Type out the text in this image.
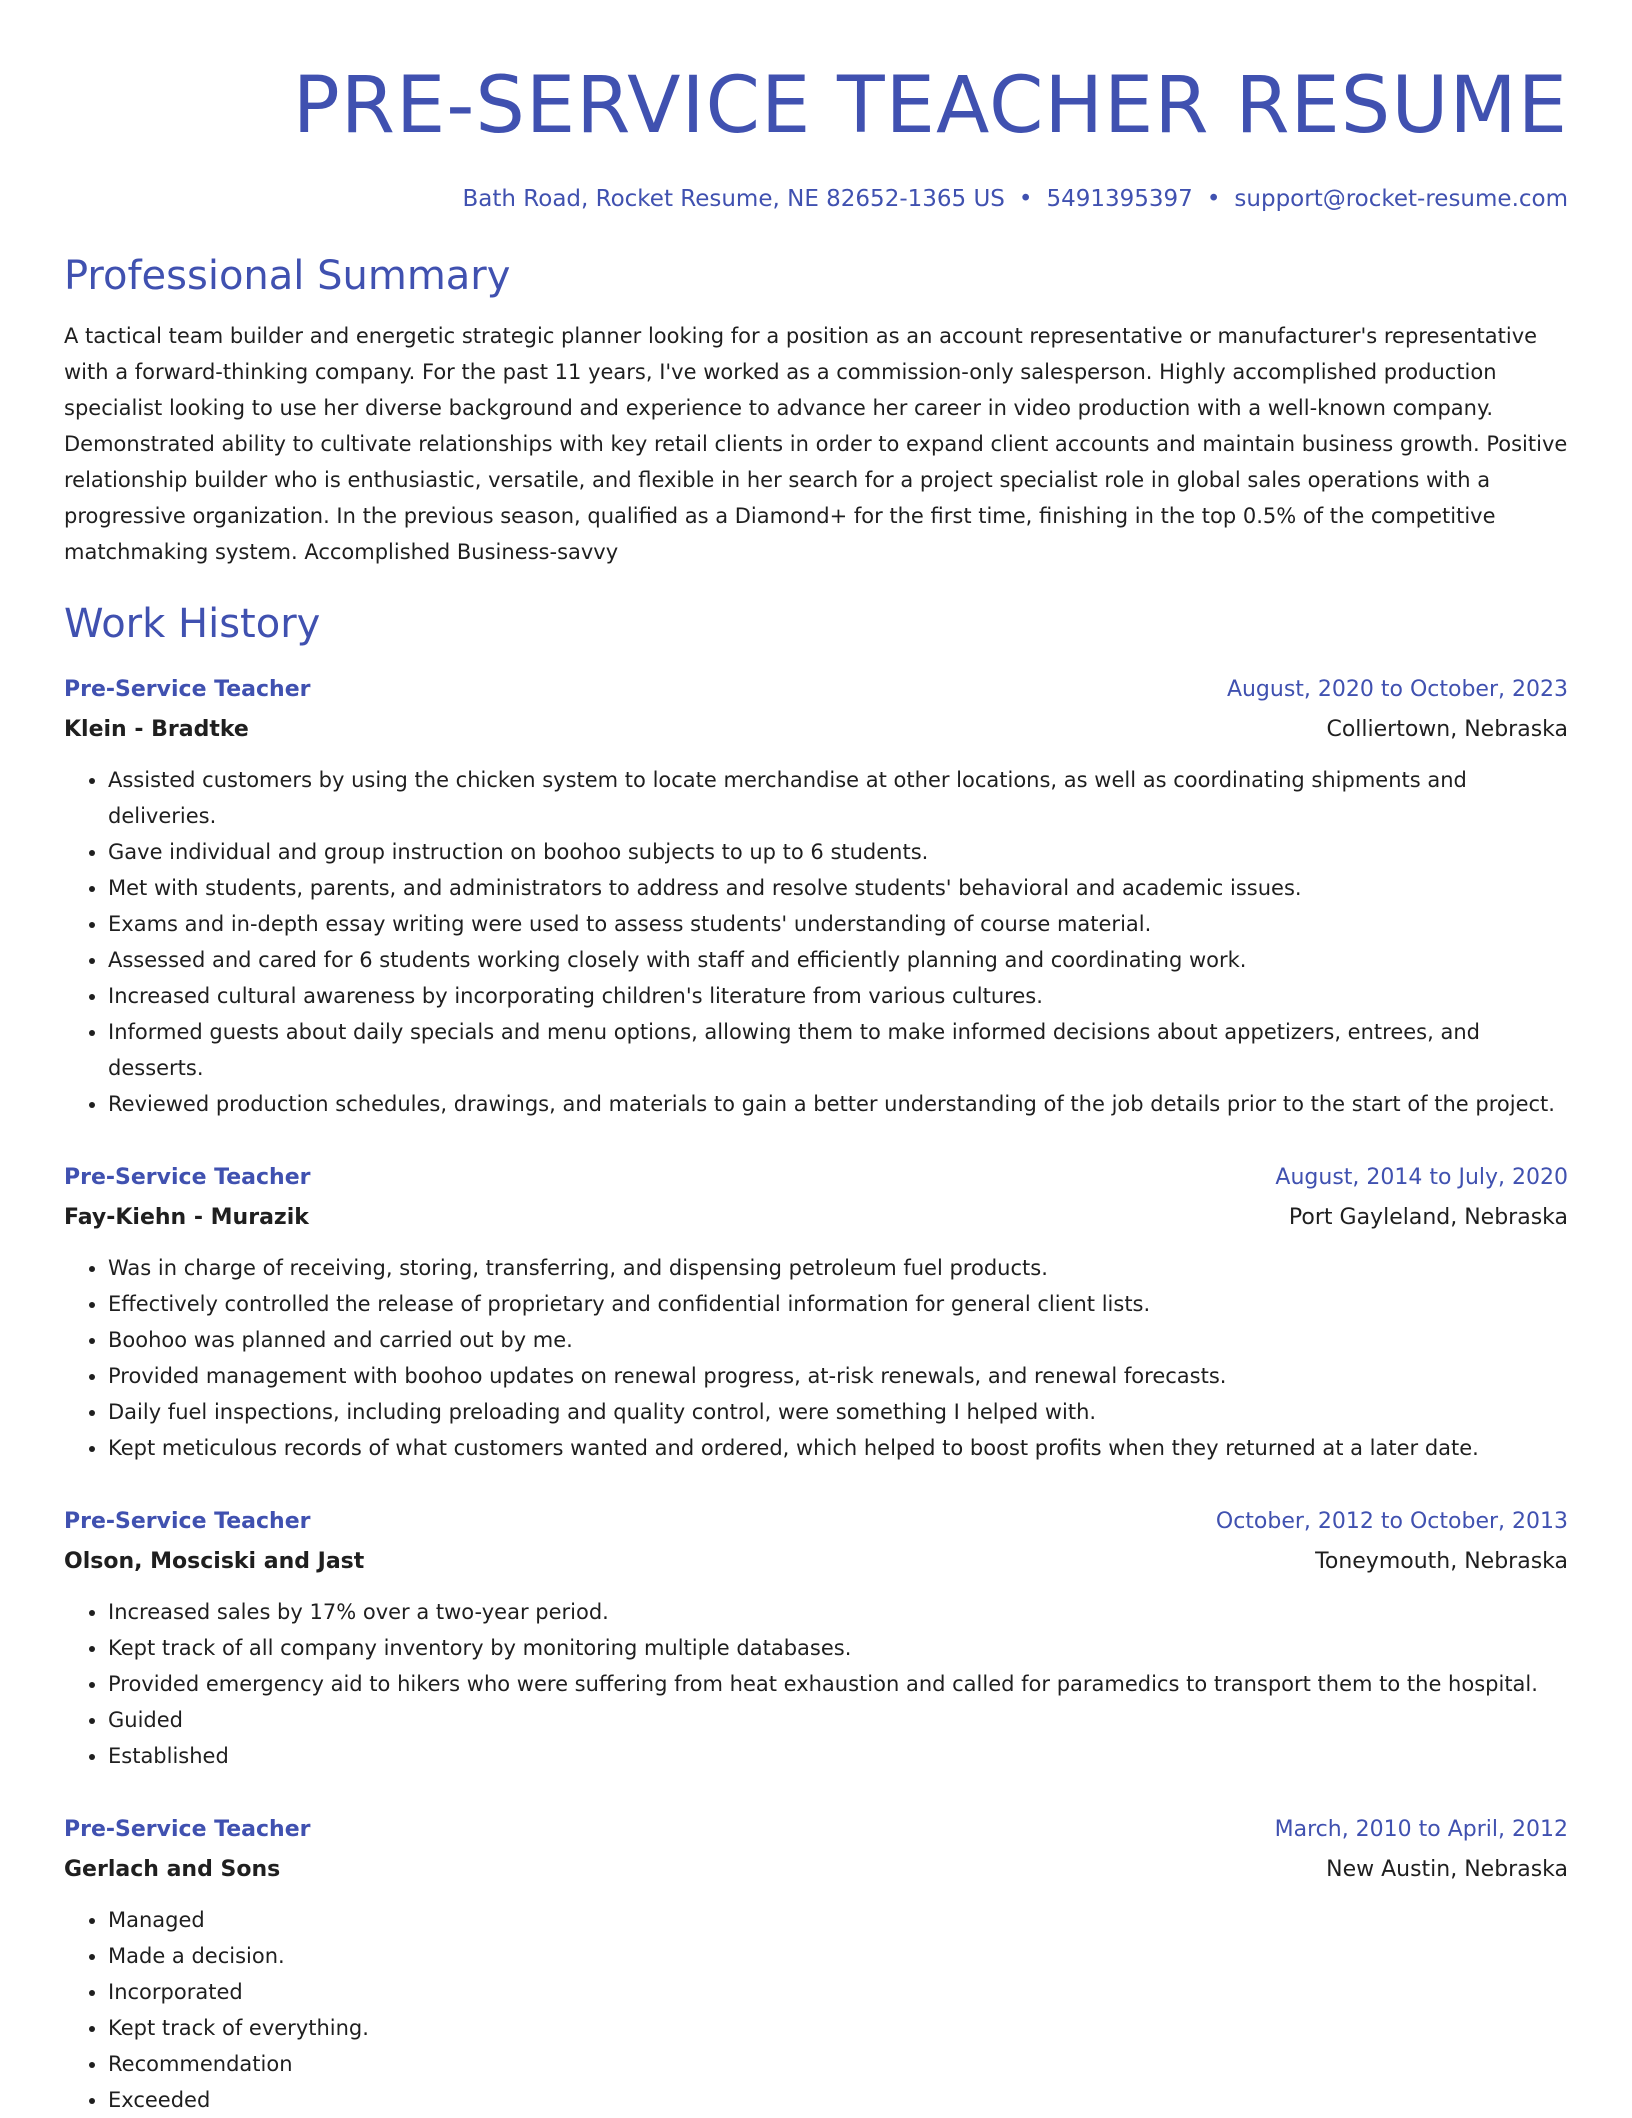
PRE-SERVICE TEACHER RESUME
Bath Road, Rocket Resume, NE 82652-1365 US • 5491395397 • support@rocket-resume.com
Professional Summary

A tactical team builder and energetic strategic planner looking for a position as an account representative or manufacturer's representative with a forward-thinking company. For the past 11 years, I've worked as a commission-only salesperson. Highly accomplished production specialist looking to use her diverse background and experience to advance her career in video production with a well-known company. Demonstrated ability to cultivate relationships with key retail clients in order to expand client accounts and maintain business growth. Positive relationship builder who is enthusiastic, versatile, and flexible in her search for a project specialist role in global sales operations with a progressive organization. In the previous season, qualified as a Diamond+ for the first time, finishing in the top 0.5% of the competitive matchmaking system. Accomplished Business-savvy

Work History
Pre-Service Teacher	August, 2020 to October, 2023
Klein - Bradtke	Colliertown, Nebraska
• Assisted customers by using the chicken system to locate merchandise at other locations, as well as coordinating shipments and deliveries.
• Gave individual and group instruction on boohoo subjects to up to 6 students.
• Met with students, parents, and administrators to address and resolve students' behavioral and academic issues.
• Exams and in-depth essay writing were used to assess students' understanding of course material.
• Assessed and cared for 6 students working closely with staff and efficiently planning and coordinating work.
• Increased cultural awareness by incorporating children's literature from various cultures.
• Informed guests about daily specials and menu options, allowing them to make informed decisions about appetizers, entrees, and desserts.
• Reviewed production schedules, drawings, and materials to gain a better understanding of the job details prior to the start of the project.
Pre-Service Teacher	August, 2014 to July, 2020
Fay-Kiehn - Murazik	Port Gayleland, Nebraska
• Was in charge of receiving, storing, transferring, and dispensing petroleum fuel products.
• Effectively controlled the release of proprietary and confidential information for general client lists.
• Boohoo was planned and carried out by me.
• Provided management with boohoo updates on renewal progress, at-risk renewals, and renewal forecasts.
• Daily fuel inspections, including preloading and quality control, were something I helped with.
• Kept meticulous records of what customers wanted and ordered, which helped to boost profits when they returned at a later date.
Pre-Service Teacher	October, 2012 to October, 2013
Olson, Mosciski and Jast	Toneymouth, Nebraska
• Increased sales by 17% over a two-year period.
• Kept track of all company inventory by monitoring multiple databases.
• Provided emergency aid to hikers who were suffering from heat exhaustion and called for paramedics to transport them to the hospital.
• Guided
• Established
Pre-Service Teacher	March, 2010 to April, 2012
Gerlach and Sons	New Austin, Nebraska
• Managed
• Made a decision.
• Incorporated
• Kept track of everything.
• Recommendation
• Exceeded
